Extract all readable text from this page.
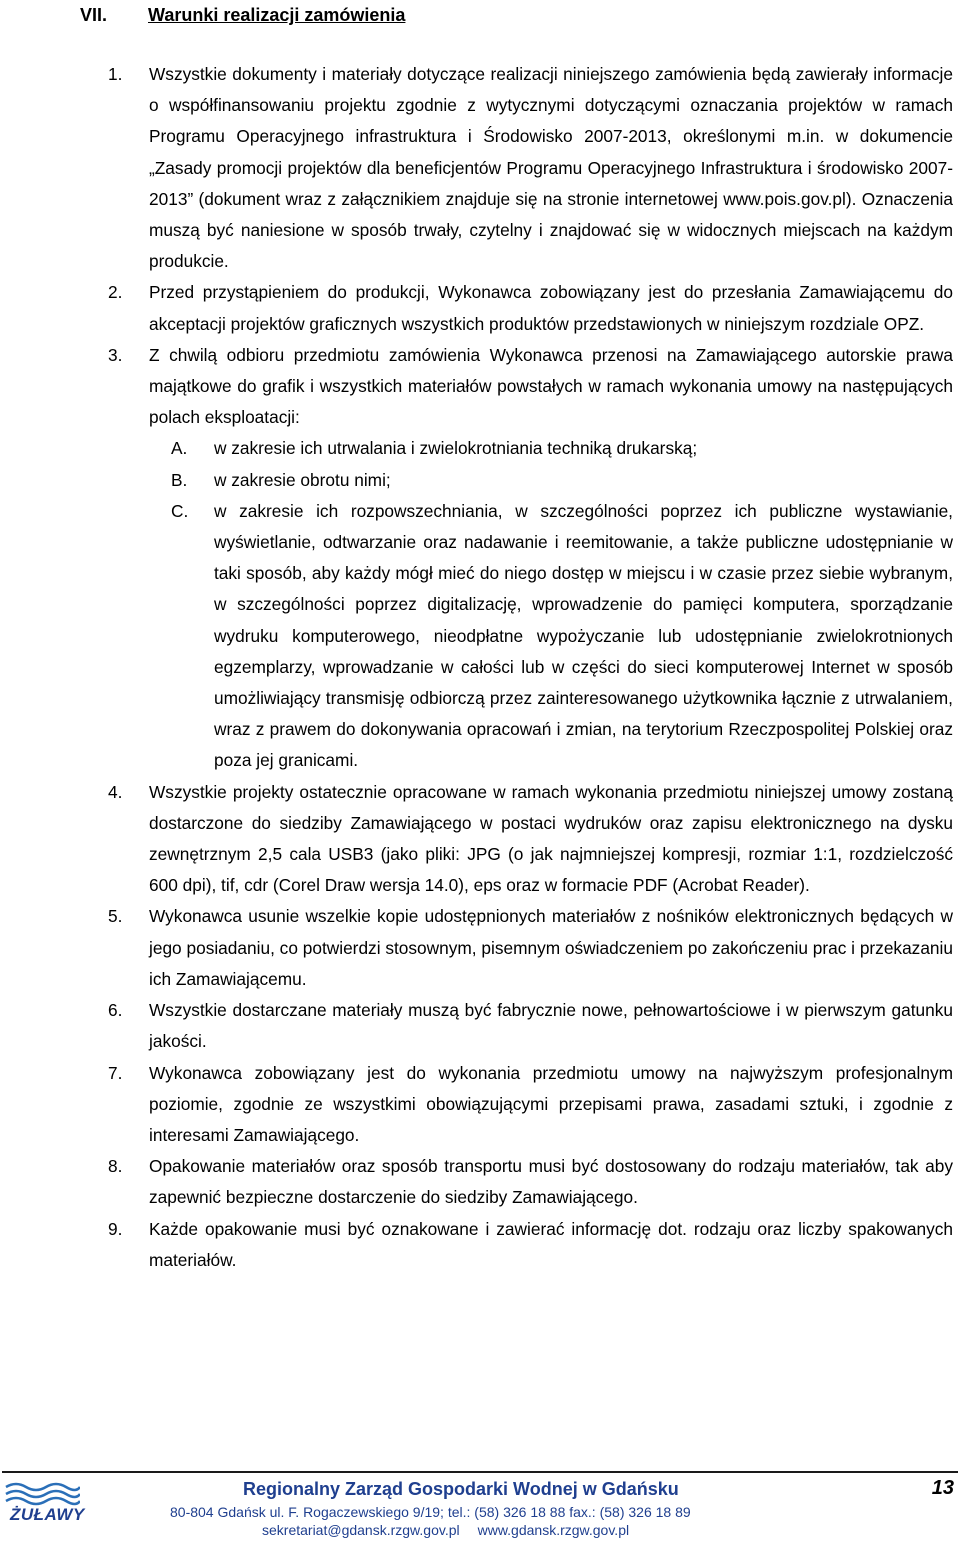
VII. Warunki realizacji zamówienia
1. Wszystkie dokumenty i materiały dotyczące realizacji niniejszego zamówienia będą zawierały informacje o współfinansowaniu projektu zgodnie z wytycznymi dotyczącymi oznaczania projektów w ramach Programu Operacyjnego infrastruktura i Środowisko 2007-2013, określonymi m.in. w dokumencie „Zasady promocji projektów dla beneficjentów Programu Operacyjnego Infrastruktura i środowisko 2007-2013” (dokument wraz z załącznikiem znajduje się na stronie internetowej www.pois.gov.pl). Oznaczenia muszą być naniesione w sposób trwały, czytelny i znajdować się w widocznych miejscach na każdym produkcie.
2. Przed przystąpieniem do produkcji, Wykonawca zobowiązany jest do przesłania Zamawiającemu do akceptacji projektów graficznych wszystkich produktów przedstawionych w niniejszym rozdziale OPZ.
3. Z chwilą odbioru przedmiotu zamówienia Wykonawca przenosi na Zamawiającego autorskie prawa majątkowe do grafik i wszystkich materiałów powstałych w ramach wykonania umowy na następujących polach eksploatacji:
A. w zakresie ich utrwalania i zwielokrotniania techniką drukarską;
B. w zakresie obrotu nimi;
C. w zakresie ich rozpowszechniania, w szczególności poprzez ich publiczne wystawianie, wyświetlanie, odtwarzanie oraz nadawanie i reemitowanie, a także publiczne udostępnianie w taki sposób, aby każdy mógł mieć do niego dostęp w miejscu i w czasie przez siebie wybranym, w szczególności poprzez digitalizację, wprowadzenie do pamięci komputera, sporządzanie wydruku komputerowego, nieodpłatne wypożyczanie lub udostępnianie zwielokrotnionych egzemplarzy, wprowadzanie w całości lub w części do sieci komputerowej Internet w sposób umożliwiający transmisję odbiorczą przez zainteresowanego użytkownika łącznie z utrwalaniem, wraz z prawem do dokonywania opracowań i zmian, na terytorium Rzeczpospolitej Polskiej oraz poza jej granicami.
4. Wszystkie projekty ostatecznie opracowane w ramach wykonania przedmiotu niniejszej umowy zostaną dostarczone do siedziby Zamawiającego w postaci wydruków oraz zapisu elektronicznego na dysku zewnętrznym 2,5 cala USB3 (jako pliki: JPG (o jak najmniejszej kompresji, rozmiar 1:1, rozdzielczość 600 dpi), tif, cdr (Corel Draw wersja 14.0), eps oraz w formacie PDF (Acrobat Reader).
5. Wykonawca usunie wszelkie kopie udostępnionych materiałów z nośników elektronicznych będących w jego posiadaniu, co potwierdzi stosownym, pisemnym oświadczeniem po zakończeniu prac i przekazaniu ich Zamawiającemu.
6. Wszystkie dostarczane materiały muszą być fabrycznie nowe, pełnowartościowe i w pierwszym gatunku jakości.
7. Wykonawca zobowiązany jest do wykonania przedmiotu umowy na najwyższym profesjonalnym poziomie, zgodnie ze wszystkimi obowiązującymi przepisami prawa, zasadami sztuki, i zgodnie z interesami Zamawiającego.
8. Opakowanie materiałów oraz sposób transportu musi być dostosowany do rodzaju materiałów, tak aby zapewnić bezpieczne dostarczenie do siedziby Zamawiającego.
9. Każde opakowanie musi być oznakowane i zawierać informację dot. rodzaju oraz liczby spakowanych materiałów.
ŻUŁAWY
Regionalny Zarząd Gospodarki Wodnej w Gdańsku	13
80-804 Gdańsk ul. F. Rogaczewskiego 9/19; tel.: (58) 326 18 88 fax.: (58) 326 18 89
sekretariat@gdansk.rzgw.gov.pl www.gdansk.rzgw.gov.pl
